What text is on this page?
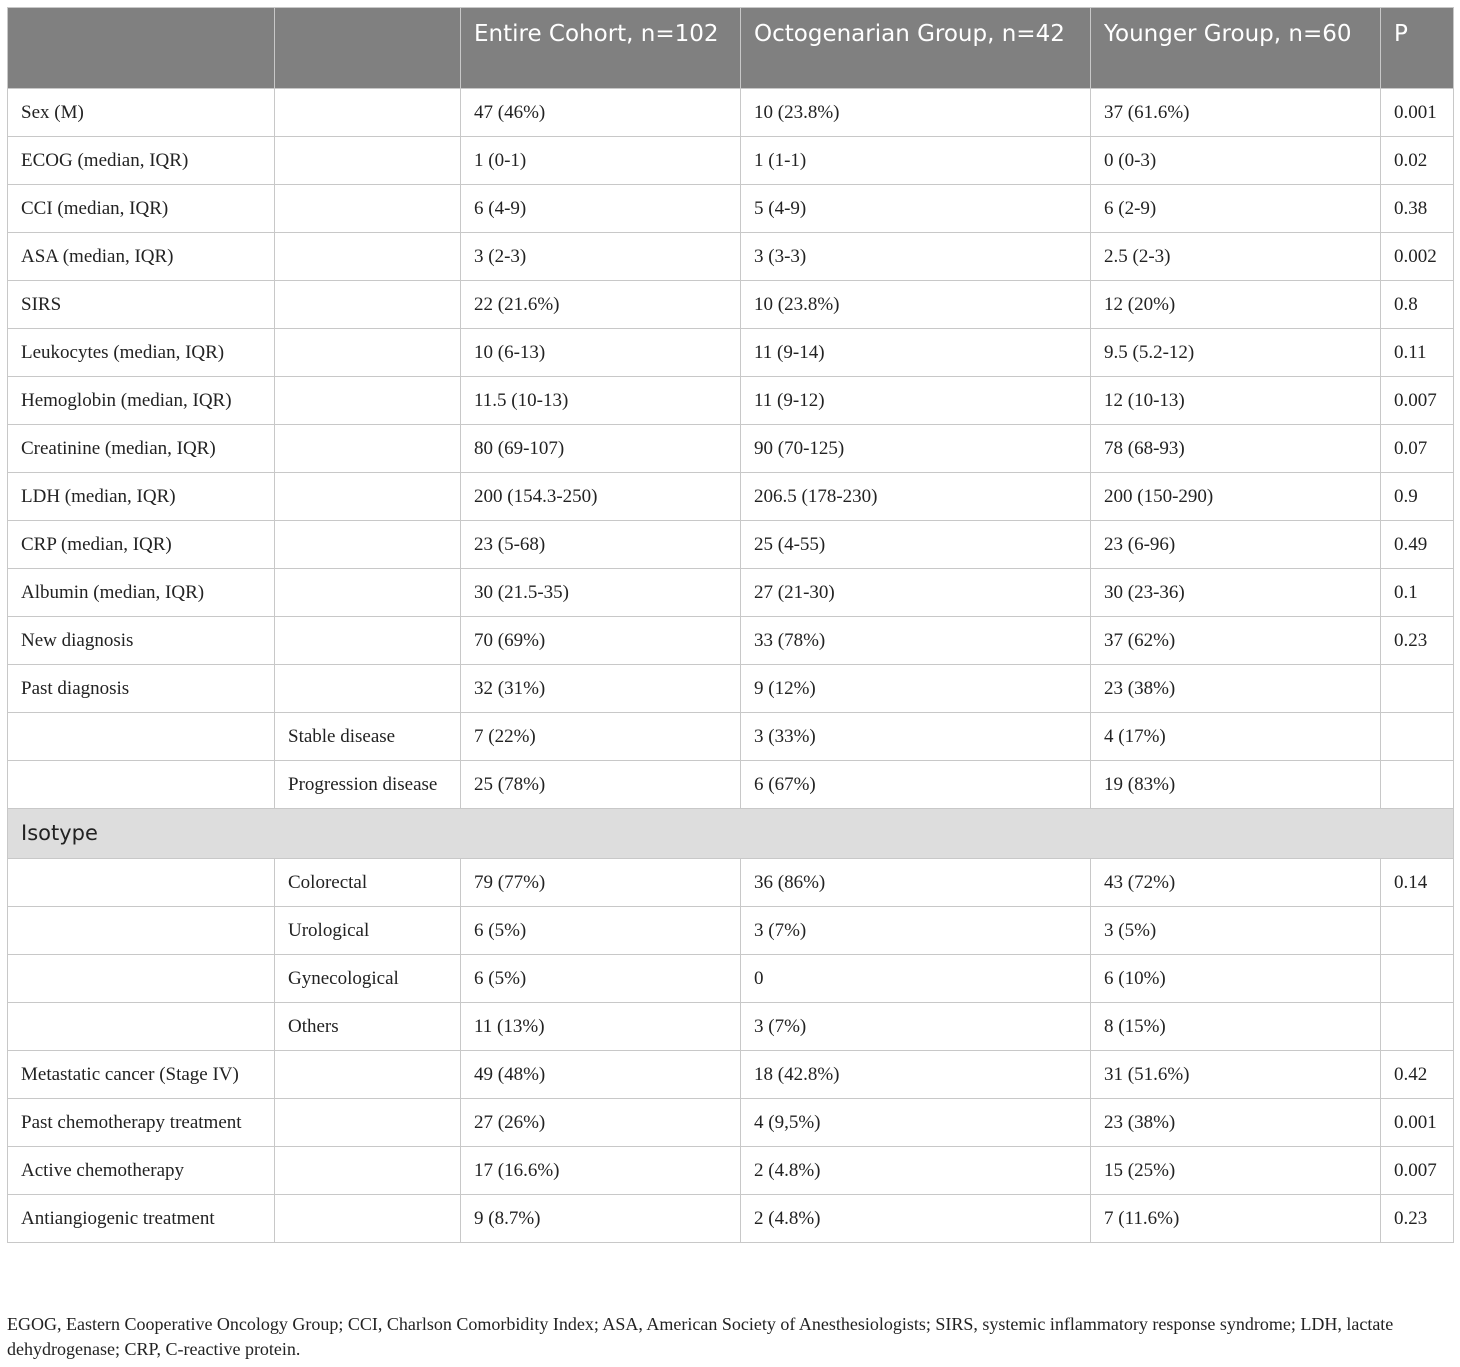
		Entire Cohort, n=102	Octogenarian Group, n=42	Younger Group, n=60	P
Sex (M)		47 (46%)	10 (23.8%)	37 (61.6%)	0.001
ECOG (median, IQR)		1 (0-1)	1 (1-1)	0 (0-3)	0.02
CCI (median, IQR)		6 (4-9)	5 (4-9)	6 (2-9)	0.38
ASA (median, IQR)		3 (2-3)	3 (3-3)	2.5 (2-3)	0.002
SIRS		22 (21.6%)	10 (23.8%)	12 (20%)	0.8
Leukocytes (median, IQR)		10 (6-13)	11 (9-14)	9.5 (5.2-12)	0.11
Hemoglobin (median, IQR)		11.5 (10-13)	11 (9-12)	12 (10-13)	0.007
Creatinine (median, IQR)		80 (69-107)	90 (70-125)	78 (68-93)	0.07
LDH (median, IQR)		200 (154.3-250)	206.5 (178-230)	200 (150-290)	0.9
CRP (median, IQR)		23 (5-68)	25 (4-55)	23 (6-96)	0.49
Albumin (median, IQR)		30 (21.5-35)	27 (21-30)	30 (23-36)	0.1
New diagnosis		70 (69%)	33 (78%)	37 (62%)	0.23
Past diagnosis		32 (31%)	9 (12%)	23 (38%)	
	Stable disease	7 (22%)	3 (33%)	4 (17%)	
	Progression disease	25 (78%)	6 (67%)	19 (83%)	
Isotype					
	Colorectal	79 (77%)	36 (86%)	43 (72%)	0.14
	Urological	6 (5%)	3 (7%)	3 (5%)	
	Gynecological	6 (5%)	0	6 (10%)	
	Others	11 (13%)	3 (7%)	8 (15%)	
Metastatic cancer (Stage IV)		49 (48%)	18 (42.8%)	31 (51.6%)	0.42
Past chemotherapy treatment		27 (26%)	4 (9,5%)	23 (38%)	0.001
Active chemotherapy		17 (16.6%)	2 (4.8%)	15 (25%)	0.007
Antiangiogenic treatment		9 (8.7%)	2 (4.8%)	7 (11.6%)	0.23
EGOG, Eastern Cooperative Oncology Group; CCI, Charlson Comorbidity Index; ASA, American Society of Anesthesiologists; SIRS, systemic inflammatory response syndrome; LDH, lactate dehydrogenase; CRP, C-reactive protein.
